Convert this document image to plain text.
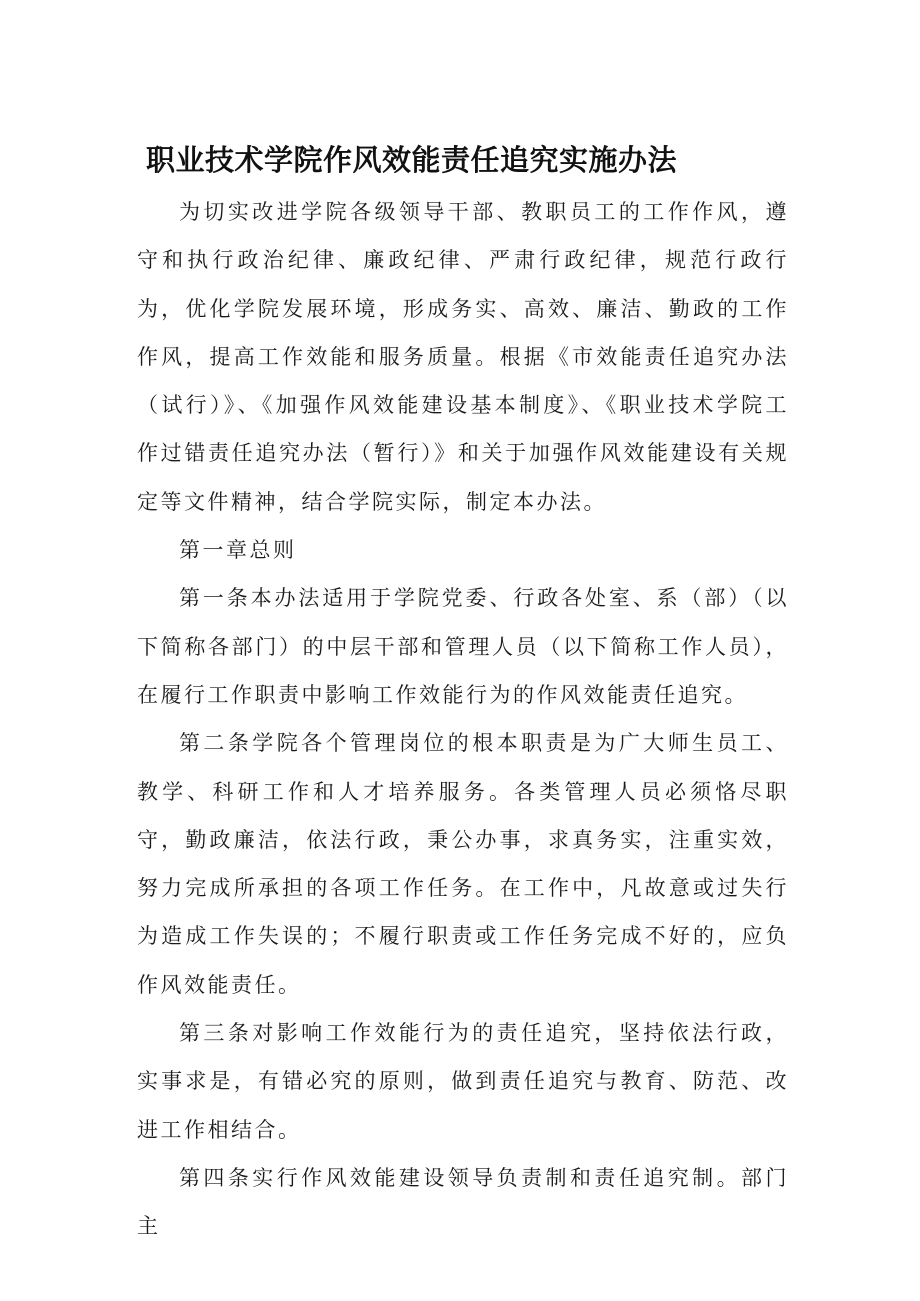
职业技术学院作风效能责任追究实施办法

为切实改进学院各级领导干部、教职员工的工作作风，遵守和执行政治纪律、廉政纪律、严肃行政纪律，规范行政行为，优化学院发展环境，形成务实、高效、廉洁、勤政的工作作风，提高工作效能和服务质量。根据《市效能责任追究办法（试行）》、《加强作风效能建设基本制度》、《职业技术学院工作过错责任追究办法（暂行）》和关于加强作风效能建设有关规定等文件精神，结合学院实际，制定本办法。

第一章总则

第一条本办法适用于学院党委、行政各处室、系（部）（以下简称各部门）的中层干部和管理人员（以下简称工作人员），在履行工作职责中影响工作效能行为的作风效能责任追究。

第二条学院各个管理岗位的根本职责是为广大师生员工、教学、科研工作和人才培养服务。各类管理人员必须恪尽职守，勤政廉洁，依法行政，秉公办事，求真务实，注重实效，努力完成所承担的各项工作任务。在工作中，凡故意或过失行为造成工作失误的；不履行职责或工作任务完成不好的，应负作风效能责任。

第三条对影响工作效能行为的责任追究，坚持依法行政，实事求是，有错必究的原则，做到责任追究与教育、防范、改进工作相结合。

第四条实行作风效能建设领导负责制和责任追究制。部门主
